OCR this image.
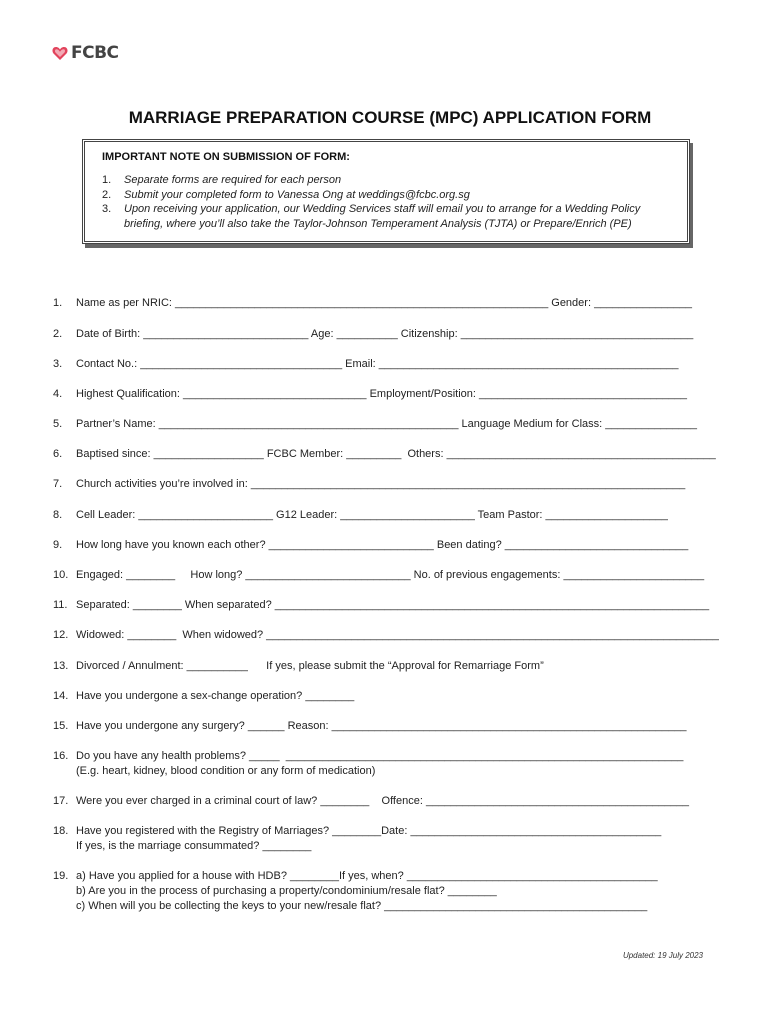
FCBC
MARRIAGE PREPARATION COURSE (MPC) APPLICATION FORM
IMPORTANT NOTE ON SUBMISSION OF FORM:
1.	Separate forms are required for each person
2.	Submit your completed form to Vanessa Ong at weddings@fcbc.org.sg
3.	Upon receiving your application, our Wedding Services staff will email you to arrange for a Wedding Policy
briefing, where you’ll also take the Taylor-Johnson Temperament Analysis (TJTA) or Prepare/Enrich (PE)
1.	Name as per NRIC: _____________________________________________________________ Gender: ________________
2.	Date of Birth: ___________________________ Age: __________ Citizenship: ______________________________________
3.	Contact No.: _________________________________ Email: _________________________________________________
4.	Highest Qualification: ______________________________ Employment/Position: __________________________________
5.	Partner’s Name: _________________________________________________ Language Medium for Class: _______________
6.	Baptised since: __________________ FCBC Member: _________  Others: ____________________________________________
7.	Church activities you’re involved in: _______________________________________________________________________
8.	Cell Leader: ______________________ G12 Leader: ______________________ Team Pastor: ____________________
9.	How long have you known each other? ___________________________ Been dating? ______________________________
10. Engaged: ________     How long? ___________________________ No. of previous engagements: _______________________
11. Separated: ________ When separated? _______________________________________________________________________
12. Widowed: ________  When widowed? __________________________________________________________________________
13. Divorced / Annulment: __________      If yes, please submit the “Approval for Remarriage Form”
14. Have you undergone a sex-change operation? ________
15. Have you undergone any surgery? ______ Reason: __________________________________________________________
16. Do you have any health problems? _____  _________________________________________________________________
(E.g. heart, kidney, blood condition or any form of medication)
17. Were you ever charged in a criminal court of law? ________    Offence: ___________________________________________
18. Have you registered with the Registry of Marriages? ________Date: _________________________________________
If yes, is the marriage consummated? ________
19. a) Have you applied for a house with HDB? ________If yes, when? _________________________________________
b) Are you in the process of purchasing a property/condominium/resale flat? ________
c) When will you be collecting the keys to your new/resale flat? ___________________________________________
Updated: 19 July 2023
